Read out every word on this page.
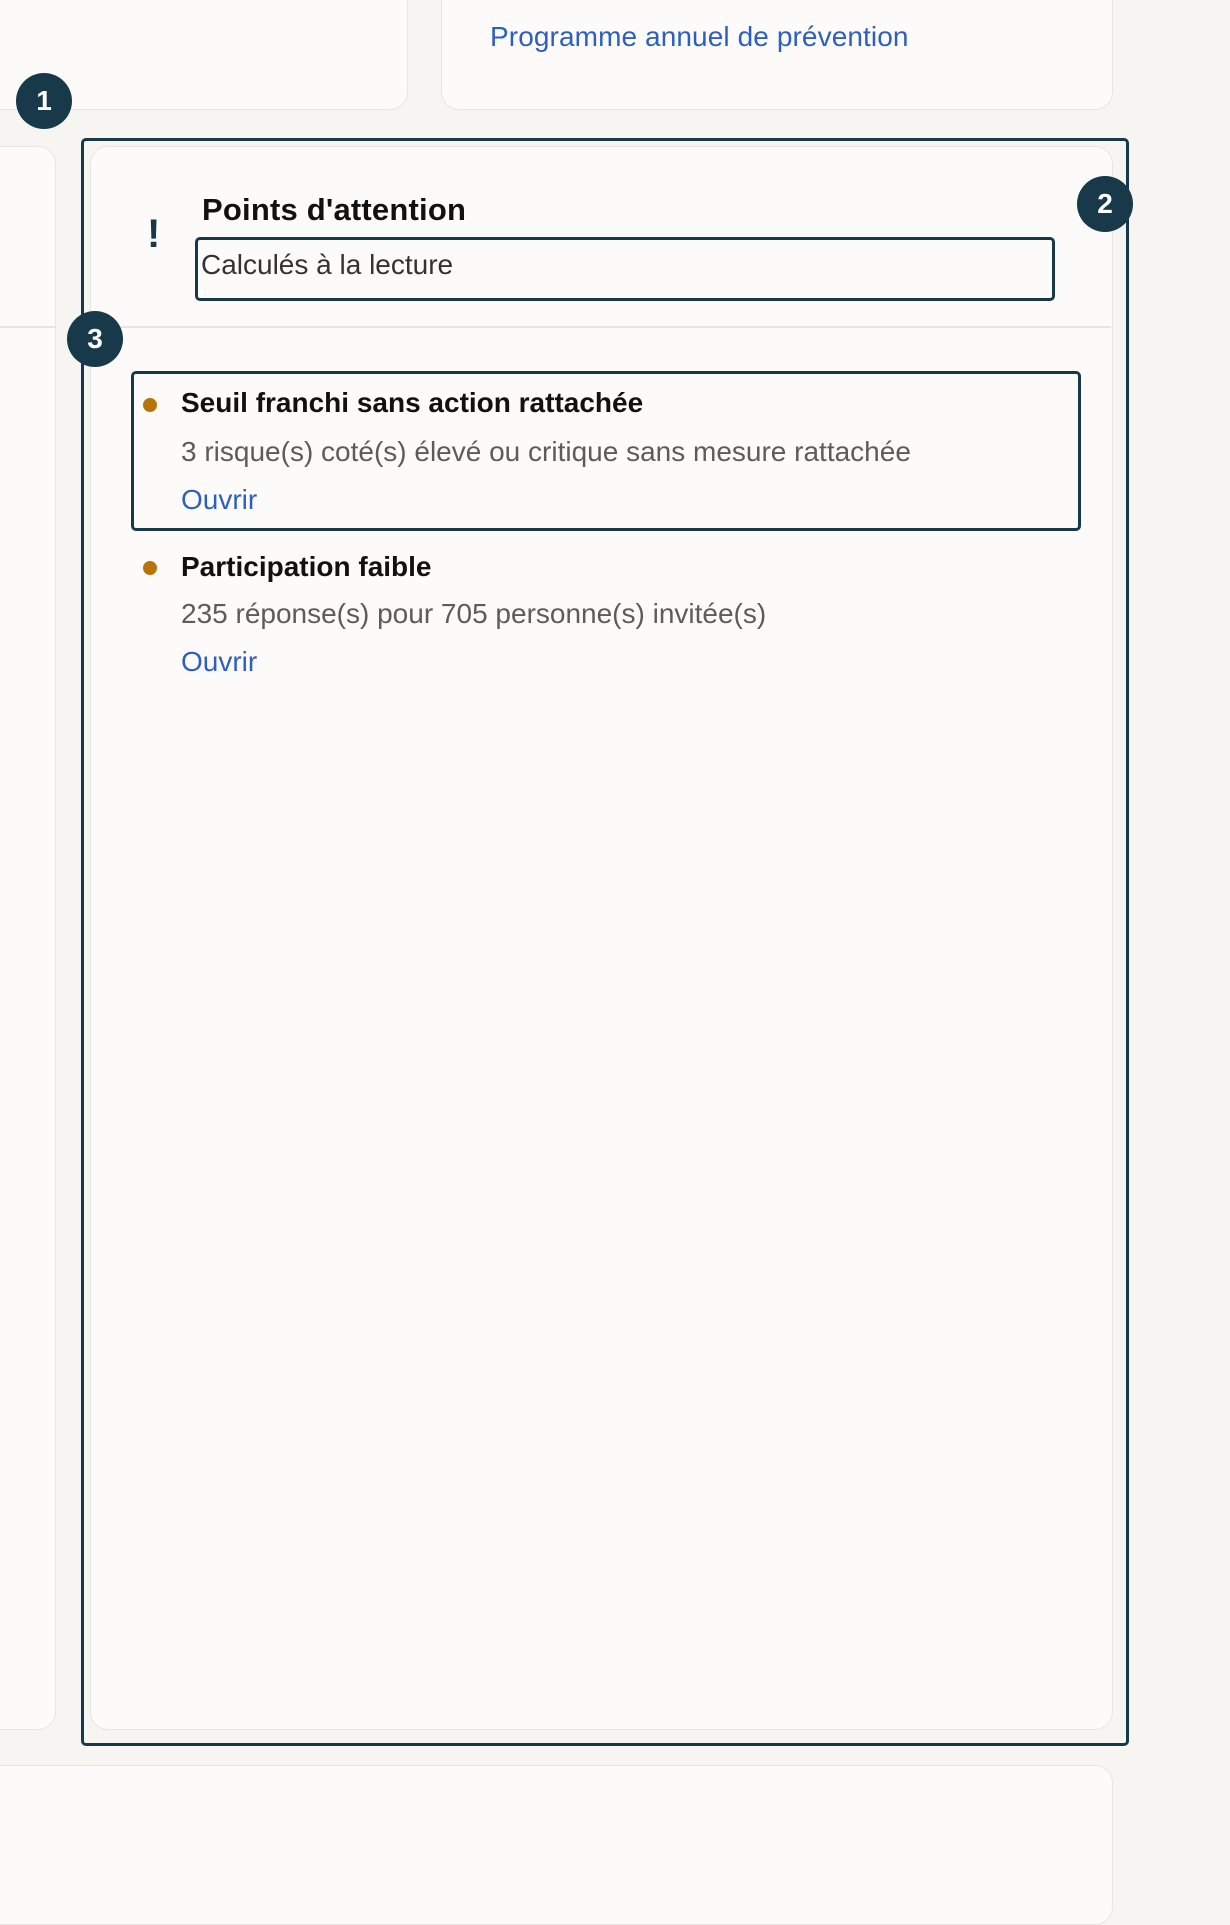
Programme annuel de prévention
!
Points d'attention
Calculés à la lecture
Seuil franchi sans action rattachée
3 risque(s) coté(s) élevé ou critique sans mesure rattachée
Ouvrir
Participation faible
235 réponse(s) pour 705 personne(s) invitée(s)
Ouvrir
1
2
3
